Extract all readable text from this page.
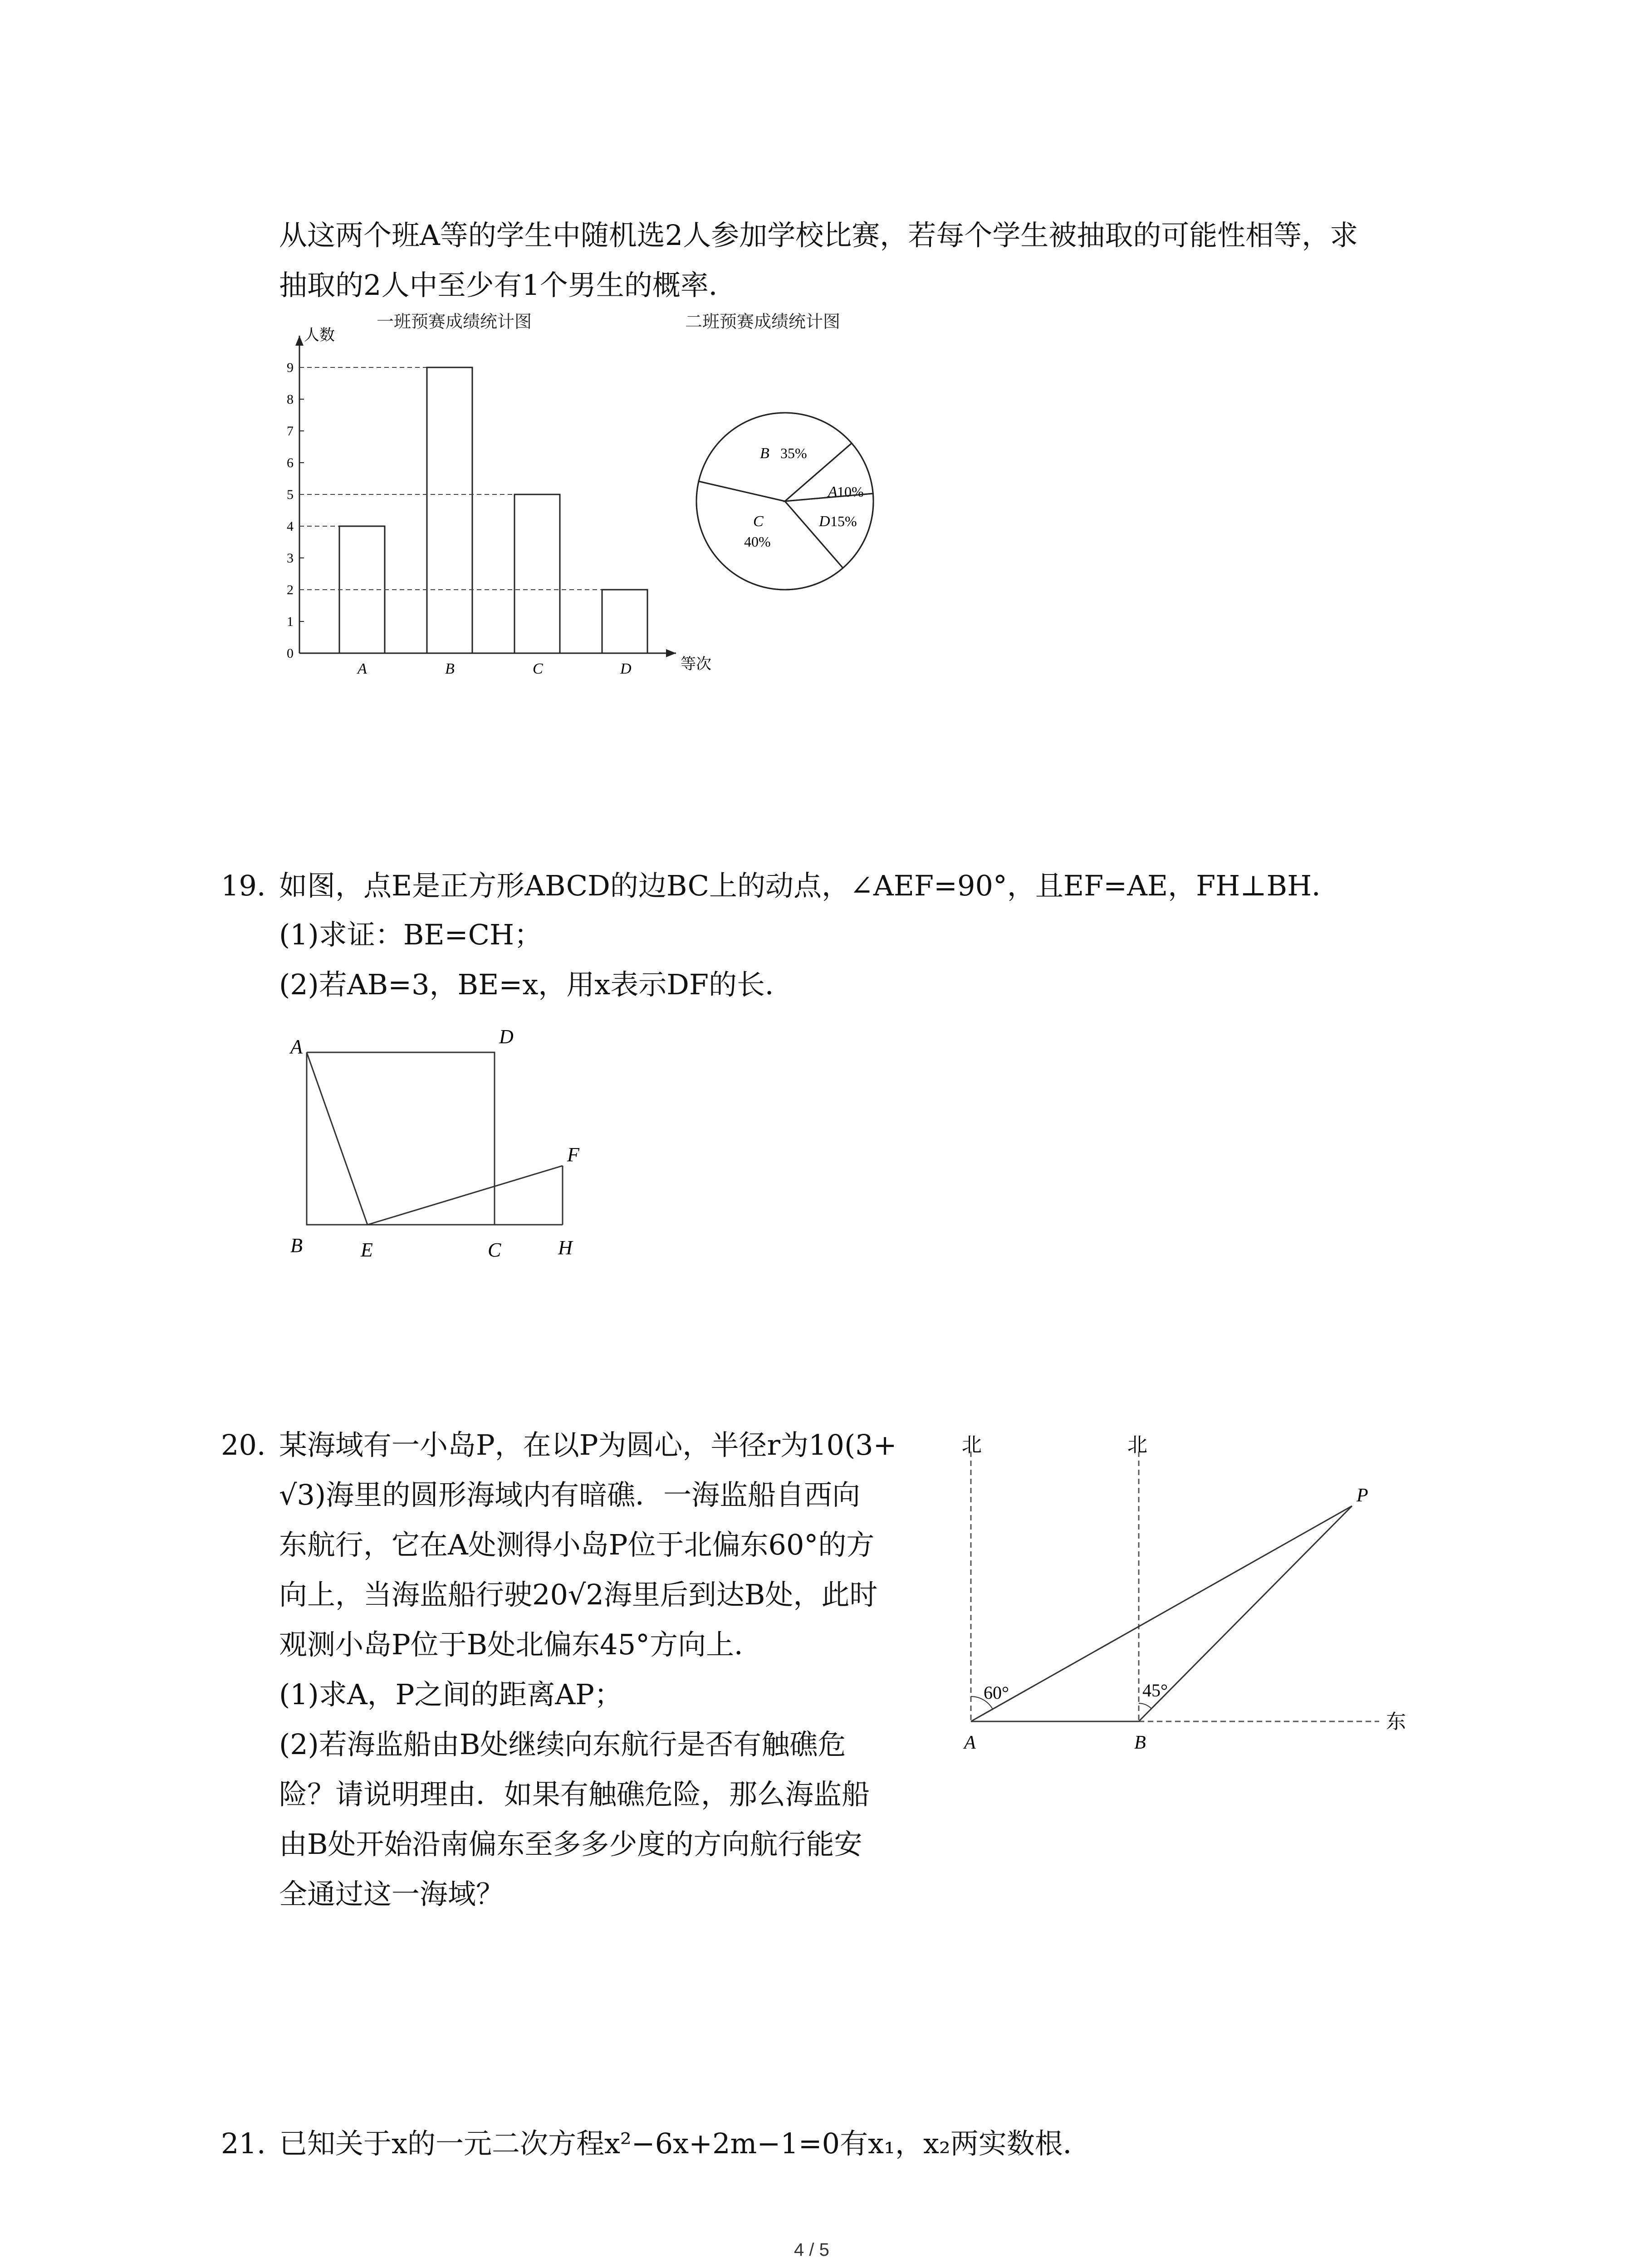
从这两个班A等的学生中随机选2人参加学校比赛，若每个学生被抽取的可能性相等，求
抽取的2人中至少有1个男生的概率．
一班预赛成绩统计图
人数
等次
0
1
2
3
4
5
6
7
8
9
A	B	C	D
二班预赛成绩统计图
B 35%
A 10%
D 15%
C
40%
19. 如图，点E是正方形ABCD的边BC上的动点，∠AEF=90°，且EF=AE，FH⊥BH．
(1)求证：BE=CH；
(2)若AB=3，BE=x，用x表示DF的长．
A	D
F
B	E	C	H
20. 某海域有一小岛P，在以P为圆心，半径r为10(3+
√3)海里的圆形海域内有暗礁．一海监船自西向
东航行，它在A处测得小岛P位于北偏东60°的方
向上，当海监船行驶20√2海里后到达B处，此时
观测小岛P位于B处北偏东45°方向上．
(1)求A，P之间的距离AP；
(2)若海监船由B处继续向东航行是否有触礁危
险？请说明理由．如果有触礁危险，那么海监船
由B处开始沿南偏东至多多少度的方向航行能安
全通过这一海域？
北	北
东
P
A	B
60°	45°
21. 已知关于x的一元二次方程x²−6x+2m−1=0有x₁，x₂两实数根．
4 / 5
